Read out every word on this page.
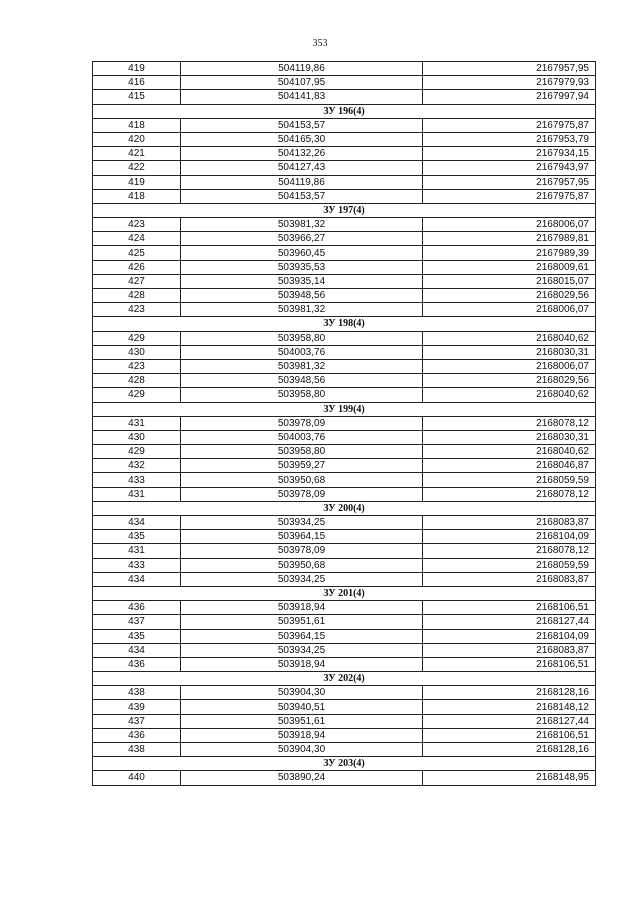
353
419	504119,86	2167957,95
416	504107,95	2167979,93
415	504141,83	2167997,94
ЗУ 196(4)		
418	504153,57	2167975,87
420	504165,30	2167953,79
421	504132,26	2167934,15
422	504127,43	2167943,97
419	504119,86	2167957,95
418	504153,57	2167975,87
ЗУ 197(4)		
423	503981,32	2168006,07
424	503966,27	2167989,81
425	503960,45	2167989,39
426	503935,53	2168009,61
427	503935,14	2168015,07
428	503948,56	2168029,56
423	503981,32	2168006,07
ЗУ 198(4)		
429	503958,80	2168040,62
430	504003,76	2168030,31
423	503981,32	2168006,07
428	503948,56	2168029,56
429	503958,80	2168040,62
ЗУ 199(4)		
431	503978,09	2168078,12
430	504003,76	2168030,31
429	503958,80	2168040,62
432	503959,27	2168046,87
433	503950,68	2168059,59
431	503978,09	2168078,12
ЗУ 200(4)		
434	503934,25	2168083,87
435	503964,15	2168104,09
431	503978,09	2168078,12
433	503950,68	2168059,59
434	503934,25	2168083,87
ЗУ 201(4)		
436	503918,94	2168106,51
437	503951,61	2168127,44
435	503964,15	2168104,09
434	503934,25	2168083,87
436	503918,94	2168106,51
ЗУ 202(4)		
438	503904,30	2168128,16
439	503940,51	2168148,12
437	503951,61	2168127,44
436	503918,94	2168106,51
438	503904,30	2168128,16
ЗУ 203(4)		
440	503890,24	2168148,95
